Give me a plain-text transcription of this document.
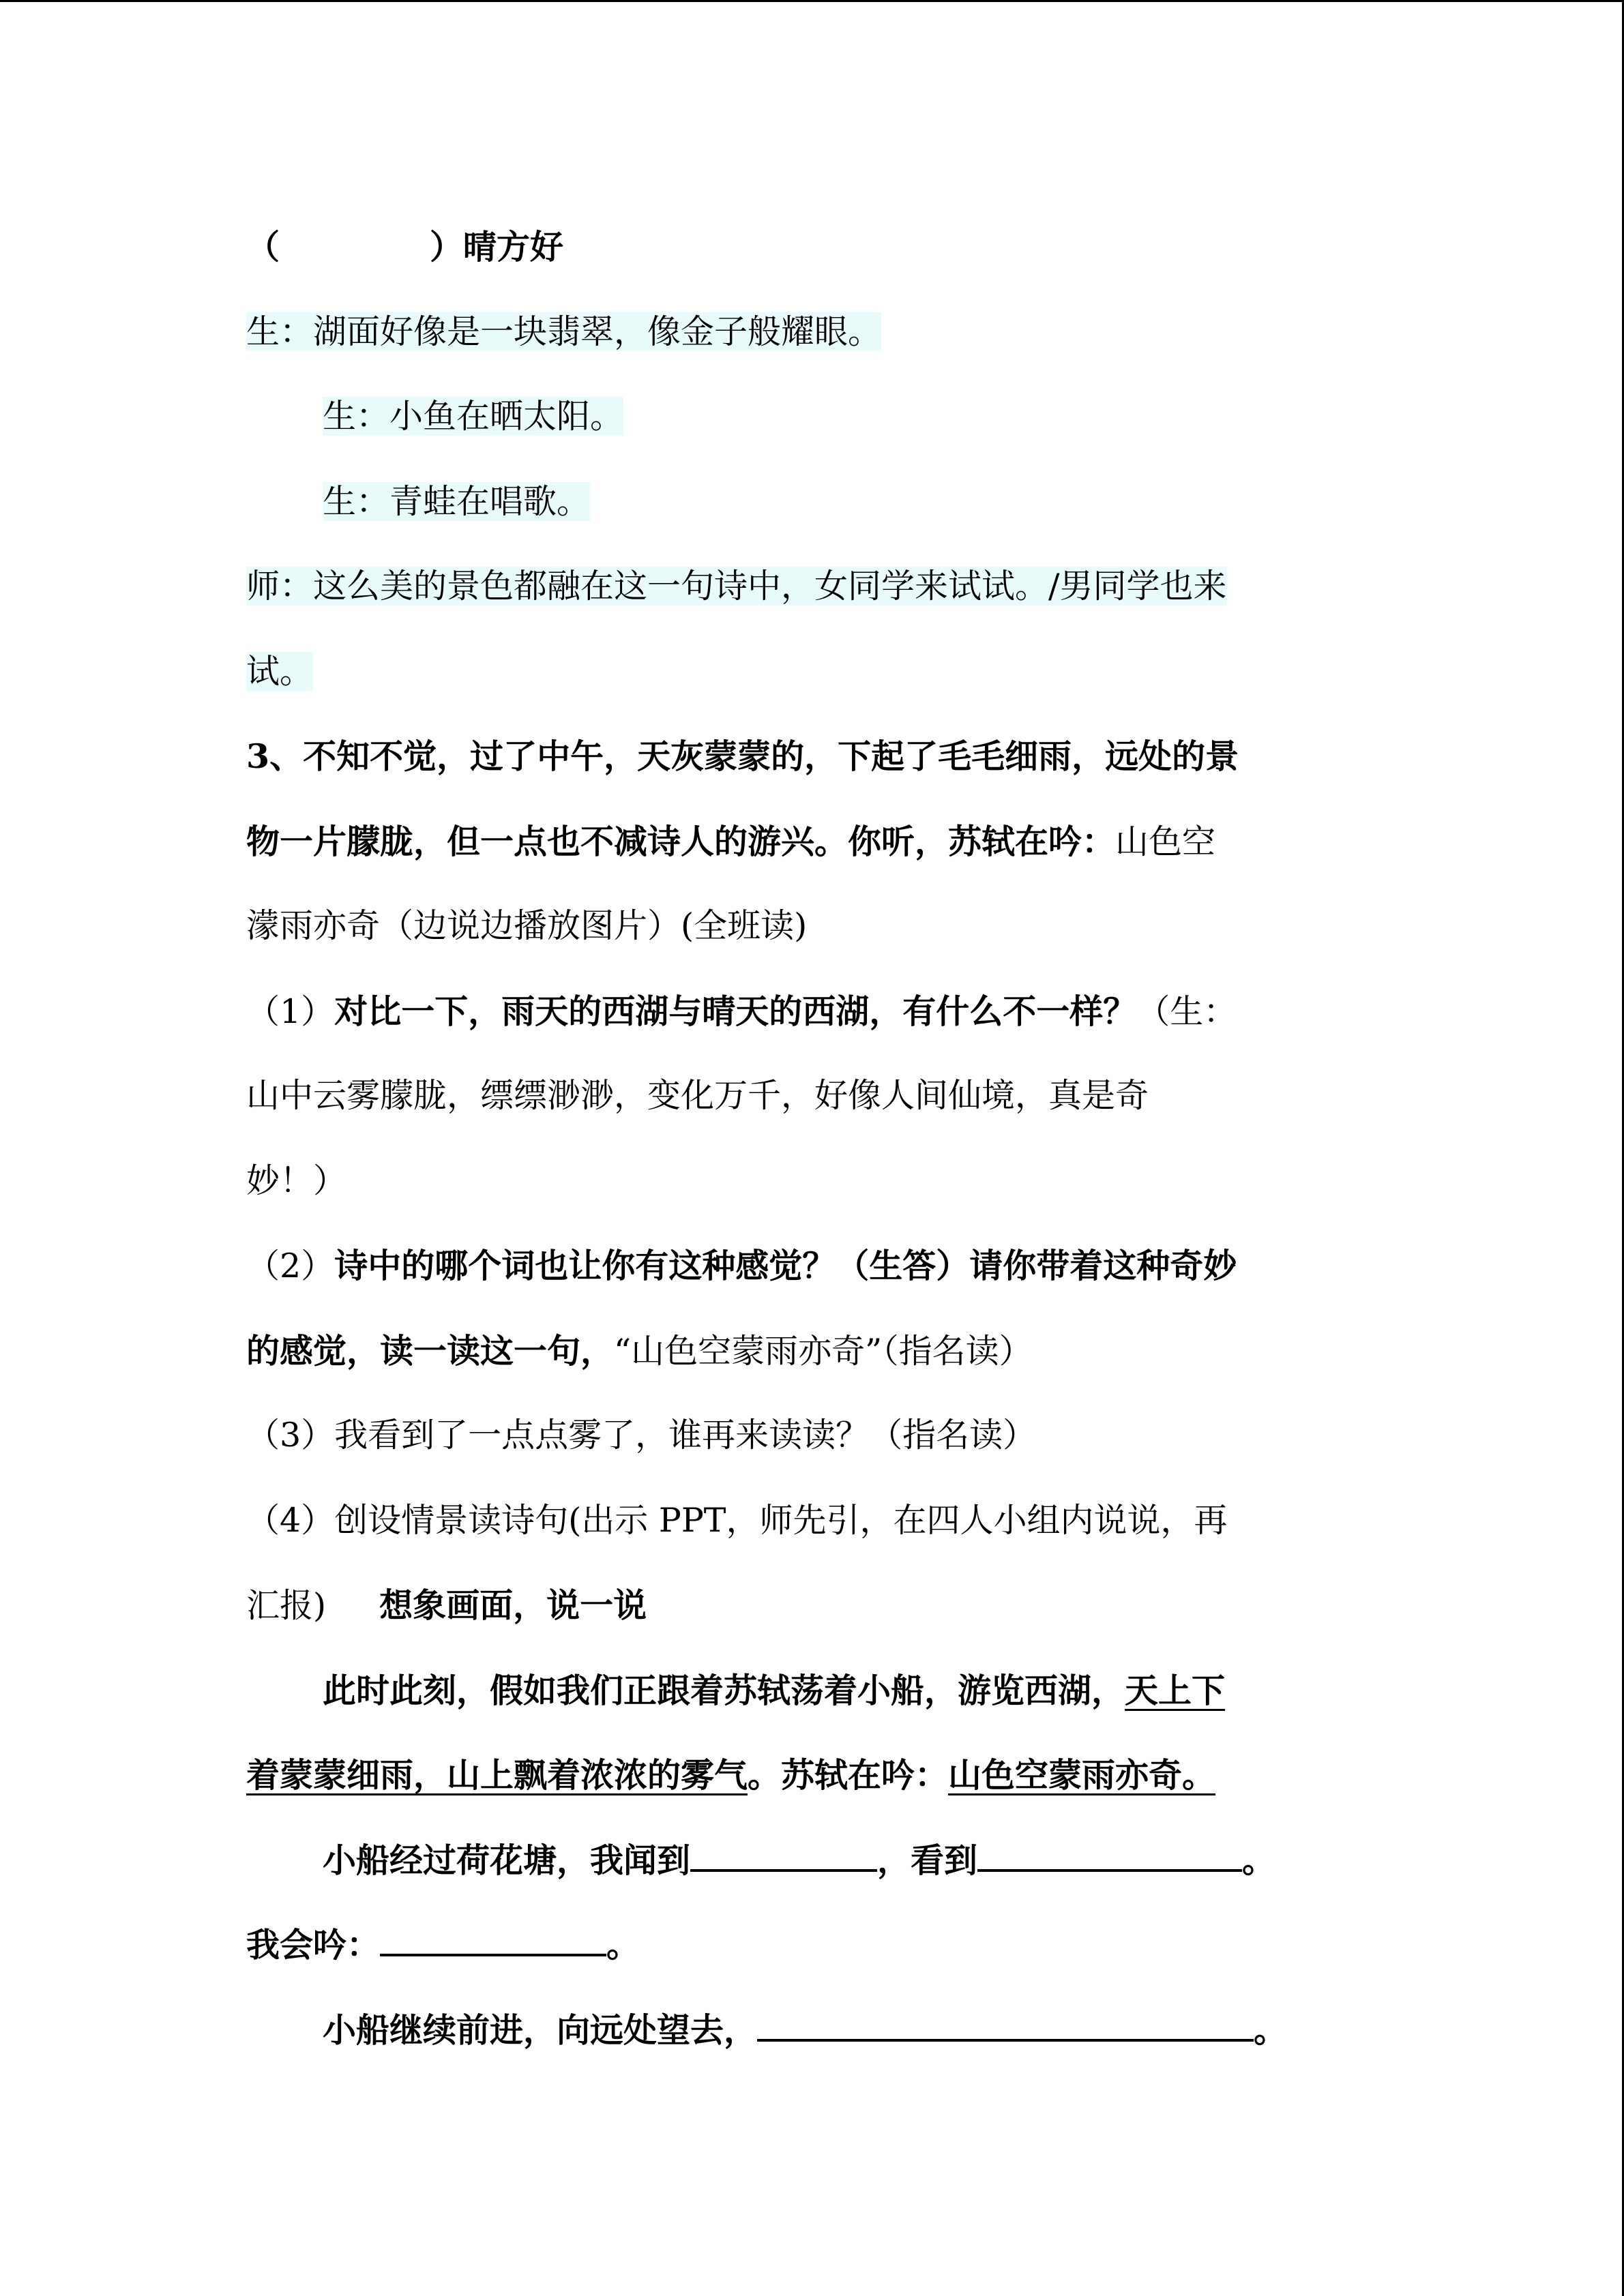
（	）晴方好
生：湖面好像是一块翡翠，像金子般耀眼。
生：小鱼在晒太阳。
生：青蛙在唱歌。
师：这么美的景色都融在这一句诗中，女同学来试试。/男同学也来
试。
3、不知不觉，过了中午，天灰蒙蒙的，下起了毛毛细雨，远处的景
物一片朦胧，但一点也不减诗人的游兴。你听，苏轼在吟：山色空
濛雨亦奇（边说边播放图片）(全班读)
（1）对比一下，雨天的西湖与晴天的西湖，有什么不一样？（生：
山中云雾朦胧，缥缥渺渺，变化万千，好像人间仙境，真是奇
妙！）
（2）诗中的哪个词也让你有这种感觉？（生答）请你带着这种奇妙
的感觉，读一读这一句，“山色空蒙雨亦奇”（指名读）
（3）我看到了一点点雾了，谁再来读读？（指名读）
（4）创设情景读诗句(出示 PPT，师先引，在四人小组内说说，再
汇报) 想象画面，说一说
此时此刻，假如我们正跟着苏轼荡着小船，游览西湖，天上下
着蒙蒙细雨，山上飘着浓浓的雾气。苏轼在吟：山色空蒙雨亦奇。
小船经过荷花塘，我闻到	，看到	。
我会吟：	。
小船继续前进，向远处望去，	。
